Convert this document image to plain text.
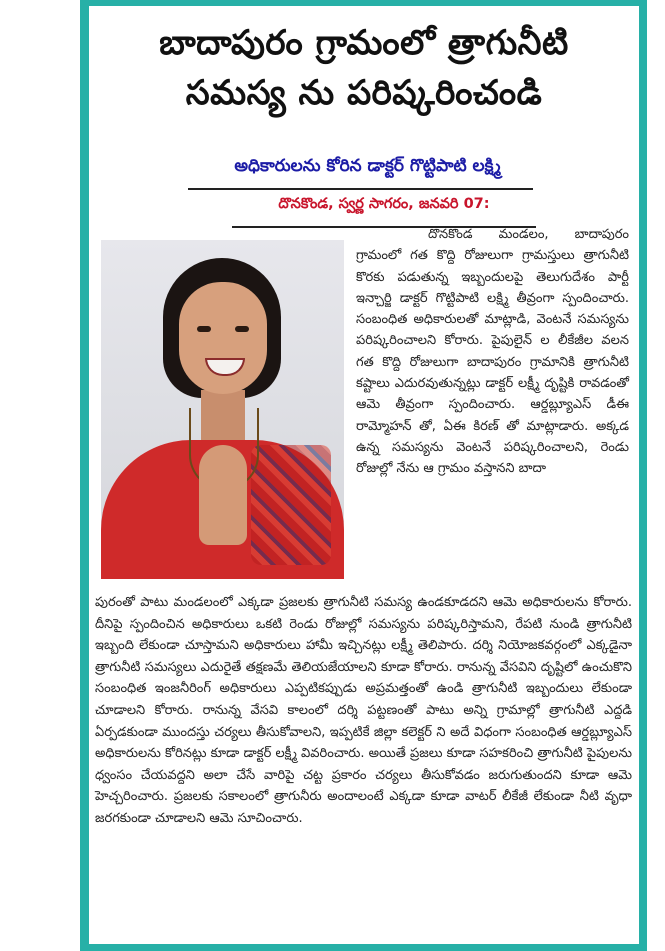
బాదాపురం గ్రామంలో త్రాగునీటి
సమస్య ను పరిష్కరించండి
అధికారులను కోరిన డాక్టర్ గొట్టిపాటి లక్ష్మి
దొనకొండ, స్వర్ణ సాగరం, జనవరి 07:

దొనకొండ మండలం, బాదాపురం గ్రామంలో గత కొద్ది రోజులుగా గ్రామస్తులు త్రాగునీటి కొరకు పడుతున్న ఇబ్బందులపై తెలుగుదేశం పార్టీ ఇన్చార్జి డాక్టర్ గొట్టిపాటి లక్ష్మి తీవ్రంగా స్పందించారు. సంబంధిత అధికారులతో మాట్లాడి, వెంటనే సమస్యను పరిష్కరించాలని కోరారు. పైపులైన్ ల లీకేజీల వలన గత కొద్ది రోజులుగా బాదాపురం గ్రామానికి త్రాగునీటి కష్టాలు ఎదురవుతున్నట్లు డాక్టర్ లక్ష్మీ దృష్టికి రావడంతో ఆమె తీవ్రంగా స్పందించారు. ఆర్డబ్ల్యూఎస్ డీఈ రామ్మోహన్ తో, ఏఈ కిరణ్ తో మాట్లాడారు. అక్కడ ఉన్న సమస్యను వెంటనే పరిష్కరించాలని, రెండు రోజుల్లో నేను ఆ గ్రామం వస్తానని బాదా

పురంతో పాటు మండలంలో ఎక్కడా ప్రజలకు త్రాగునీటి సమస్య ఉండకూడదని ఆమె అధికారులను కోరారు. దీనిపై స్పందించిన అధికారులు ఒకటి రెండు రోజుల్లో సమస్యను పరిష్కరిస్తామని, రేపటి నుండి త్రాగునీటి ఇబ్బంది లేకుండా చూస్తామని అధికారులు హామీ ఇచ్చినట్లు లక్ష్మీ తెలిపారు. దర్శి నియోజకవర్గంలో ఎక్కడైనా త్రాగునీటి సమస్యలు ఎదురైతే తక్షణమే తెలియజేయాలని కూడా కోరారు. రానున్న వేసవిని దృష్టిలో ఉంచుకొని సంబంధిత ఇంజనీరింగ్ అధికారులు ఎప్పటికప్పుడు అప్రమత్తంతో ఉండి త్రాగునీటి ఇబ్బందులు లేకుండా చూడాలని కోరారు. రానున్న వేసవి కాలంలో దర్శి పట్టణంతో పాటు అన్ని గ్రామాల్లో త్రాగునీటి ఎద్దడి ఏర్పడకుండా ముందస్తు చర్యలు తీసుకోవాలని, ఇప్పటికే జిల్లా కలెక్టర్ ని అదే విధంగా సంబంధిత ఆర్డబ్ల్యూఎస్ అధికారులను కోరినట్లు కూడా డాక్టర్ లక్ష్మీ వివరించారు. అయితే ప్రజలు కూడా సహకరించి త్రాగునీటి పైపులను ధ్వంసం చేయవద్దని అలా చేసే వారిపై చట్ట ప్రకారం చర్యలు తీసుకోవడం జరుగుతుందని కూడా ఆమె హెచ్చరించారు. ప్రజలకు సకాలంలో త్రాగునీరు అందాలంటే ఎక్కడా కూడా వాటర్ లీకేజీ లేకుండా నీటి వృధా జరగకుండా చూడాలని ఆమె సూచించారు.
